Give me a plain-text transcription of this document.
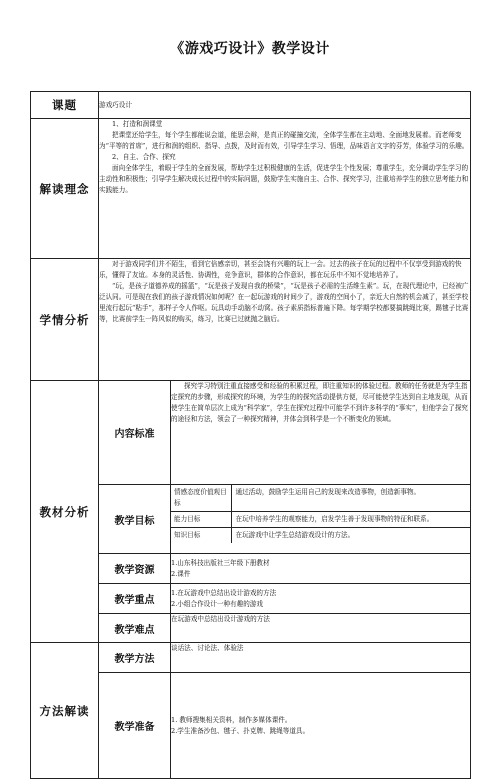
《游戏巧设计》教学设计
课题	游戏巧设计
解读理念	

1、打造和润课堂

把课堂还给学生，每个学生都能说会道，能思会辩，是真正的碰撞交流，全体学生都在主动地、全面地发展着。而老师变为“平等的首席”，进行和润的组织、指导、点拨，及时而有效，引导学生学习、悟理，品味语言文字的芬芳，体验学习的乐趣。

2、自主、合作、探究

面向全体学生，着眼于学生的全面发展，帮助学生过积极健康的生活，促进学生个性发展；尊重学生，充分调动学生学习的主动性和积极性；引导学生解决成长过程中的实际问题，鼓励学生实施自主、合作、探究学习，注重培养学生的独立思考能力和实践能力。

学情分析	

对于游戏同学们并不陌生，看到它倍感亲切，甚至会饶有兴趣的玩上一会。过去的孩子在玩的过程中不仅享受到游戏的快乐，懂得了友谊。本身的灵活性、协调性，竞争意识，群体的合作意识，都在玩乐中不知不觉地培养了。

“玩，是孩子道德养成的摇篮”，“玩是孩子发现自我的桥梁”，“玩是孩子必需的生活维生素”。玩，在现代理论中，已经被广泛认同。可是现在我们的孩子游戏情况如何呢？在一起玩游戏的时间少了，游戏的空间小了，亲近大自然的机会减了，甚至学校里流行起玩“粘手”，那样子令人作呕。玩具动手动脑不动窝。孩子素质指标普遍下降。每学期学校都要搞跳绳比赛，踢毽子比赛等，比赛前学生一阵风似的购买，练习，比赛已过就抛之脑后。

教材分析	内容标准	

探究学习特别注重直接感受和经验的积累过程，即注重知识的体验过程。教师的任务就是为学生指定探究的步骤，形成探究的环境，为学生的的探究活动提供方便，尽可能使学生达到自主地发现，从而使学生在简单层次上成为“科学家”，学生在探究过程中可能学不到许多科学的“事实”，但他学会了探究的途径和方法，领会了一种探究精神，并体会到科学是一个不断变化的领域。

教学目标	
情感态度价值观目标	通过活动，鼓励学生运用自己的发现来改造事物，创造新事物。
能力目标	在玩中培养学生的观察能力，启发学生善于发现事物的特征和联系。
知识目标	在玩游戏中让学生总结游戏设计的方法。

教学资源	

1.山东科技出版社三年级下册教材

2.课件

教学重点	

1.在玩游戏中总结出设计游戏的方法

2.小组合作设计一种有趣的游戏

教学难点	在玩游戏中总结出设计游戏的方法
方法解读	教学方法	谈话法、讨论法、体验法
教学准备	

1. 教师搜集相关资料，制作多媒体课件。

2.学生准备沙包、毽子、扑克牌、跳绳等道具。
